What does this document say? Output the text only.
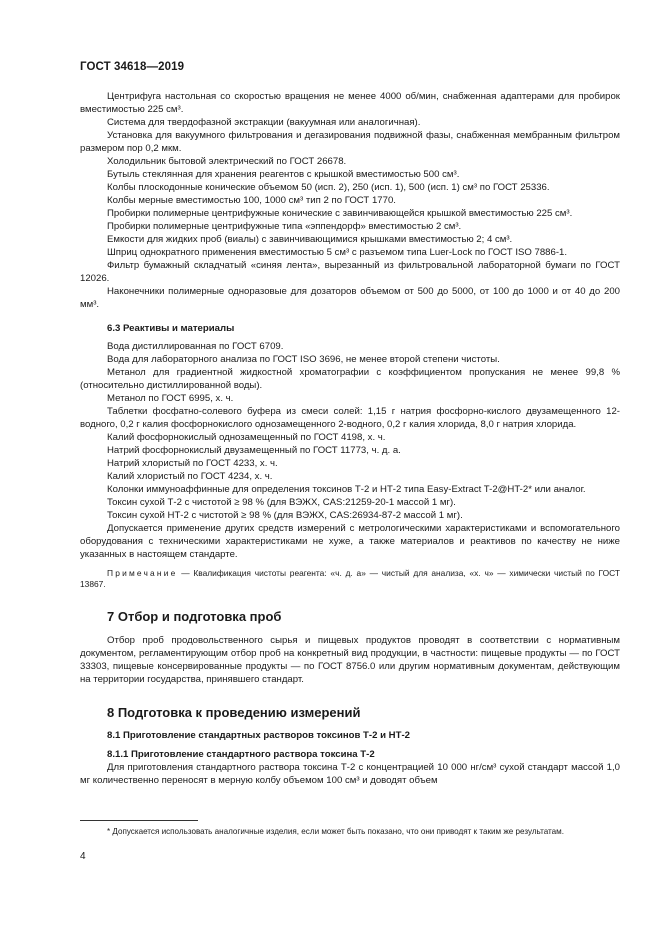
ГОСТ 34618—2019

Центрифуга настольная со скоростью вращения не менее 4000 об/мин, снабженная адаптерами для пробирок вместимостью 225 см³.

Система для твердофазной экстракции (вакуумная или аналогичная).

Установка для вакуумного фильтрования и дегазирования подвижной фазы, снабженная мембранным фильтром размером пор 0,2 мкм.

Холодильник бытовой электрический по ГОСТ 26678.

Бутыль стеклянная для хранения реагентов с крышкой вместимостью 500 см³.

Колбы плоскодонные конические объемом 50 (исп. 2), 250 (исп. 1), 500 (исп. 1) см³ по ГОСТ 25336.

Колбы мерные вместимостью 100, 1000 см³ тип 2 по ГОСТ 1770.

Пробирки полимерные центрифужные конические с завинчивающейся крышкой вместимостью 225 см³.

Пробирки полимерные центрифужные типа «эппендорф» вместимостью 2 см³.

Емкости для жидких проб (виалы) с завинчивающимися крышками вместимостью 2; 4 см³.

Шприц однократного применения вместимостью 5 см³ с разъемом типа Luer-Lock по ГОСТ ISO 7886-1.

Фильтр бумажный складчатый «синяя лента», вырезанный из фильтровальной лабораторной бумаги по ГОСТ 12026.

Наконечники полимерные одноразовые для дозаторов объемом от 500 до 5000, от 100 до 1000 и от 40 до 200 мм³.

6.3 Реактивы и материалы

Вода дистиллированная по ГОСТ 6709.

Вода для лабораторного анализа по ГОСТ ISO 3696, не менее второй степени чистоты.

Метанол для градиентной жидкостной хроматографии с коэффициентом пропускания не менее 99,8 % (относительно дистиллированной воды).

Метанол по ГОСТ 6995, х. ч.

Таблетки фосфатно-солевого буфера из смеси солей: 1,15 г натрия фосфорно-кислого двузамещенного 12-водного, 0,2 г калия фосфорнокислого однозамещенного 2-водного, 0,2 г калия хлорида, 8,0 г натрия хлорида.

Калий фосфорнокислый однозамещенный по ГОСТ 4198, х. ч.

Натрий фосфорнокислый двузамещенный по ГОСТ 11773, ч. д. а.

Натрий хлористый по ГОСТ 4233, х. ч.

Калий хлористый по ГОСТ 4234, х. ч.

Колонки иммуноаффинные для определения токсинов Т-2 и НТ-2 типа Easy-Extract T-2@HT-2* или аналог.

Токсин сухой Т-2 с чистотой ≥ 98 % (для ВЭЖХ, CAS:21259-20-1 массой 1 мг).

Токсин сухой НТ-2 с чистотой ≥ 98 % (для ВЭЖХ, CAS:26934-87-2 массой 1 мг).

Допускается применение других средств измерений с метрологическими характеристиками и вспомогательного оборудования с техническими характеристиками не хуже, а также материалов и реактивов по качеству не ниже указанных в настоящем стандарте.

Примечание — Квалификация чистоты реагента: «ч. д. а» — чистый для анализа, «х. ч» — химически чистый по ГОСТ 13867.

7 Отбор и подготовка проб

Отбор проб продовольственного сырья и пищевых продуктов проводят в соответствии с нормативным документом, регламентирующим отбор проб на конкретный вид продукции, в частности: пищевые продукты — по ГОСТ 33303, пищевые консервированные продукты — по ГОСТ 8756.0 или другим нормативным документам, действующим на территории государства, принявшего стандарт.

8 Подготовка к проведению измерений

8.1 Приготовление стандартных растворов токсинов Т-2 и НТ-2

8.1.1 Приготовление стандартного раствора токсина Т-2

Для приготовления стандартного раствора токсина Т-2 с концентрацией 10 000 нг/см³ сухой стандарт массой 1,0 мг количественно переносят в мерную колбу объемом 100 см³ и доводят объем

* Допускается использовать аналогичные изделия, если может быть показано, что они приводят к таким же результатам.

4
